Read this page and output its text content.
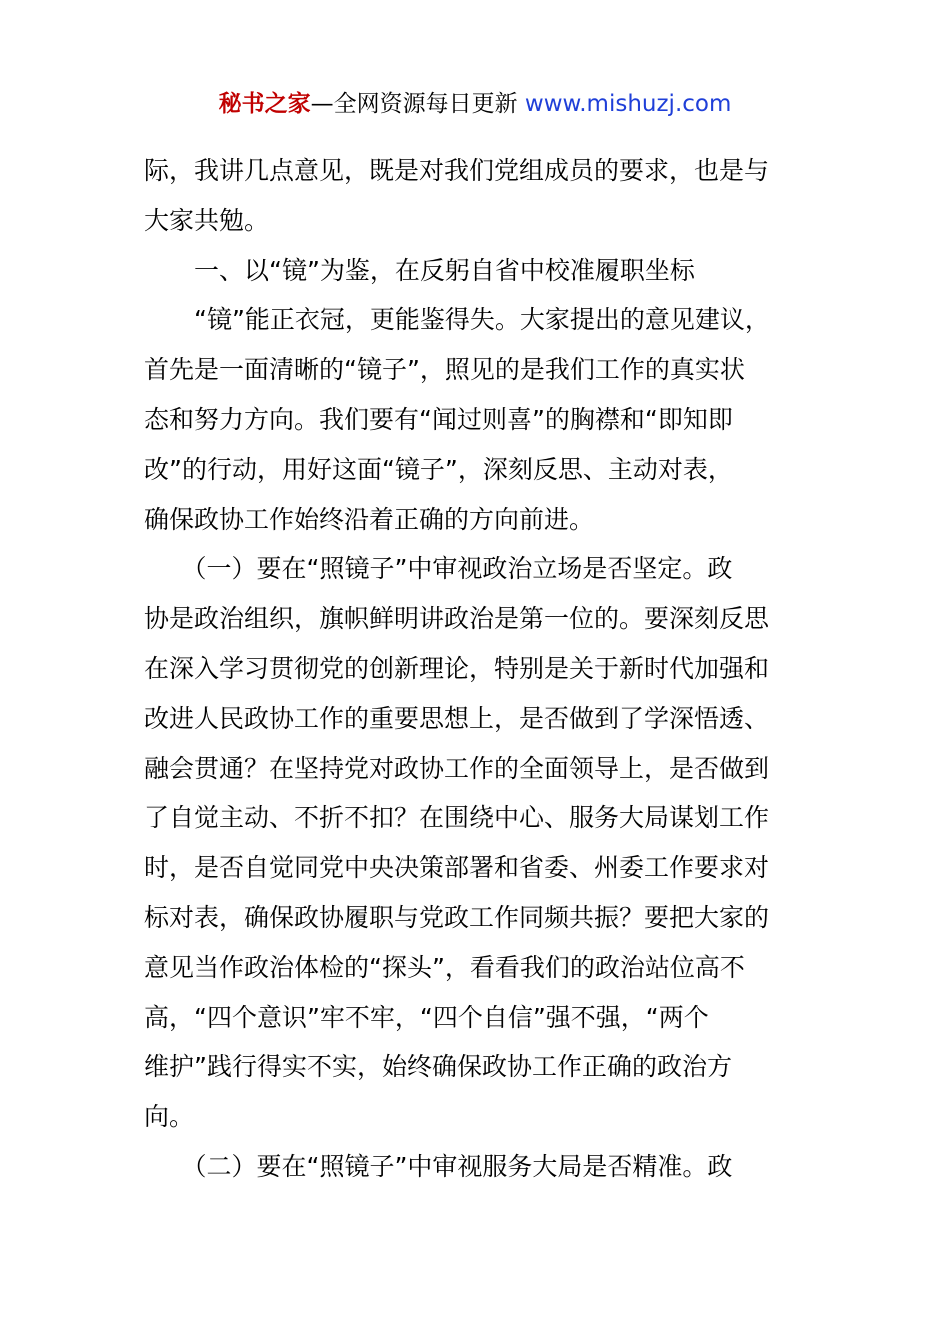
秘书之家—全网资源每日更新 www.mishuzj.com
际，我讲几点意见，既是对我们党组成员的要求，也是与
大家共勉。
　　一、以“镜”为鉴，在反躬自省中校准履职坐标
　　“镜”能正衣冠，更能鉴得失。大家提出的意见建议，
首先是一面清晰的“镜子”，照见的是我们工作的真实状
态和努力方向。我们要有“闻过则喜”的胸襟和“即知即
改”的行动，用好这面“镜子”，深刻反思、主动对表，
确保政协工作始终沿着正确的方向前进。
　　（一）要在“照镜子”中审视政治立场是否坚定。政
协是政治组织，旗帜鲜明讲政治是第一位的。要深刻反思
在深入学习贯彻党的创新理论，特别是关于新时代加强和
改进人民政协工作的重要思想上，是否做到了学深悟透、
融会贯通？在坚持党对政协工作的全面领导上，是否做到
了自觉主动、不折不扣？在围绕中心、服务大局谋划工作
时，是否自觉同党中央决策部署和省委、州委工作要求对
标对表，确保政协履职与党政工作同频共振？要把大家的
意见当作政治体检的“探头”，看看我们的政治站位高不
高，“四个意识”牢不牢，“四个自信”强不强，“两个
维护”践行得实不实，始终确保政协工作正确的政治方
向。
　　（二）要在“照镜子”中审视服务大局是否精准。政
